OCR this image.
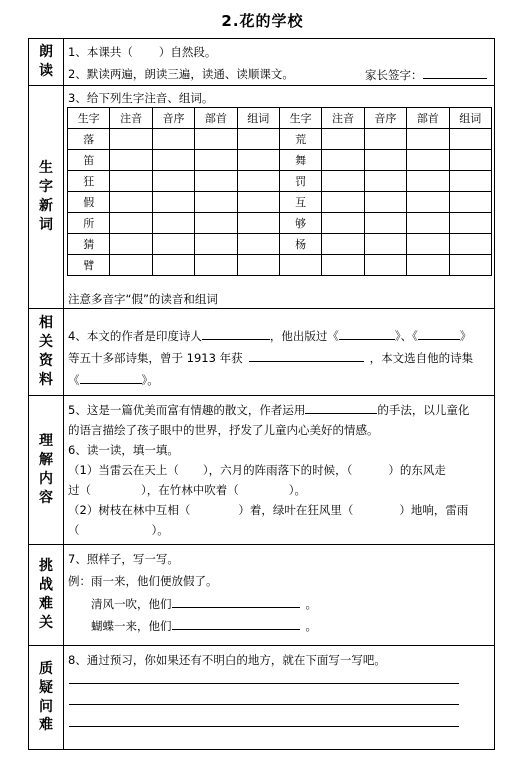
2.花的学校
朗
读
1、本课共（ ）自然段。
2、默读两遍，朗读三遍，读通、读顺课文。	家长签字：
生
字
新
词
3、给下列生字注音、组词。
生字	注音	音序	部首	组词	生字	注音	音序	部首	组词
落					荒				
笛					舞				
狂					罚				
假					互				
所					够				
猜					杨				
臂									
注意多音字“假”的读音和组词
相
关
资
料
4、本文的作者是印度诗人	，他出版过《	》、《	》
等五十多部诗集，曾于 1913 年获	，本文选自他的诗集
《	》。
理
解
内
容
5、这是一篇优美而富有情趣的散文，作者运用	的手法，以儿童化
的语言描绘了孩子眼中的世界，抒发了儿童内心美好的情感。
6、读一读，填一填。
（1）当雷云在天上（ ），六月的阵雨落下的时候，（	）的东风走
过（	），在竹林中吹着（	）。
（2）树枝在林中互相（	）着，绿叶在狂风里（	）地响，雷雨
（	）。
挑
战
难
关
7、照样子，写一写。
例：雨一来，他们便放假了。
清风一吹，他们	。
蝴蝶一来，他们	。
质
疑
问
难
8、通过预习，你如果还有不明白的地方，就在下面写一写吧。
